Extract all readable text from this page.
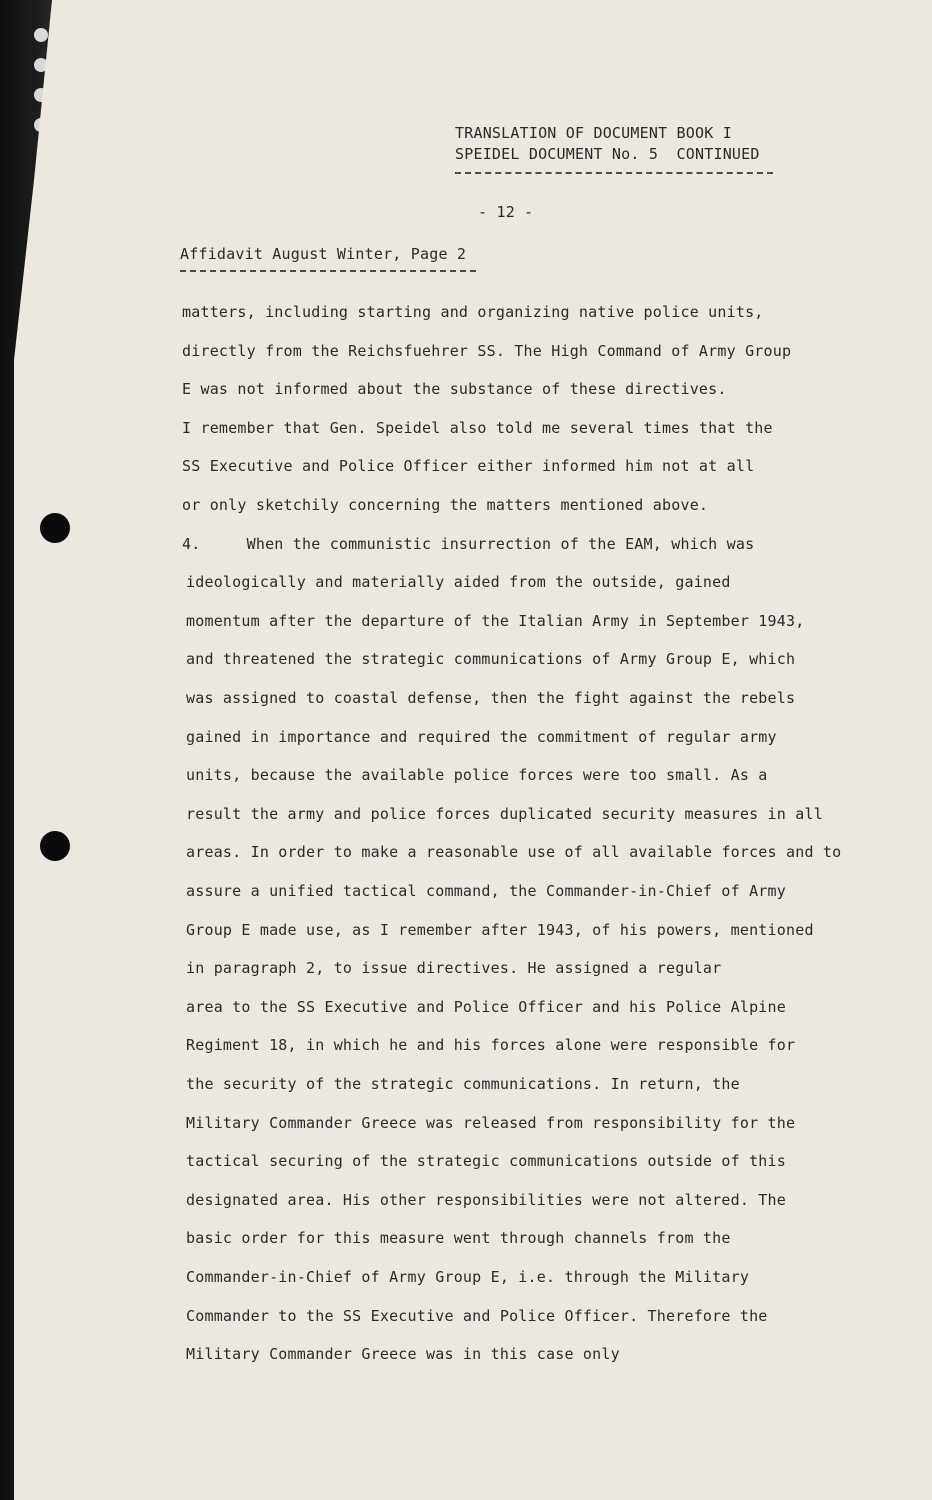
TRANSLATION OF DOCUMENT BOOK I
SPEIDEL DOCUMENT No. 5  CONTINUED
- 12 -
Affidavit August Winter, Page 2
matters, including starting and organizing native police units,
directly from the Reichsfuehrer SS. The High Command of Army Group
E was not informed about the substance of these directives.
I remember that Gen. Speidel also told me several times that the
SS Executive and Police Officer either informed him not at all
or only sketchily concerning the matters mentioned above.
4.     When the communistic insurrection of the EAM, which was
ideologically and materially aided from the outside, gained
momentum after the departure of the Italian Army in September 1943,
and threatened the strategic communications of Army Group E, which
was assigned to coastal defense, then the fight against the rebels
gained in importance and required the commitment of regular army
units, because the available police forces were too small. As a
result the army and police forces duplicated security measures in all
areas. In order to make a reasonable use of all available forces and to
assure a unified tactical command, the Commander-in-Chief of Army
Group E made use, as I remember after 1943, of his powers, mentioned
in paragraph 2, to issue directives. He assigned a regular
area to the SS Executive and Police Officer and his Police Alpine
Regiment 18, in which he and his forces alone were responsible for
the security of the strategic communications. In return, the
Military Commander Greece was released from responsibility for the
tactical securing of the strategic communications outside of this
designated area. His other responsibilities were not altered. The
basic order for this measure went through channels from the
Commander-in-Chief of Army Group E, i.e. through the Military
Commander to the SS Executive and Police Officer. Therefore the
Military Commander Greece was in this case only
